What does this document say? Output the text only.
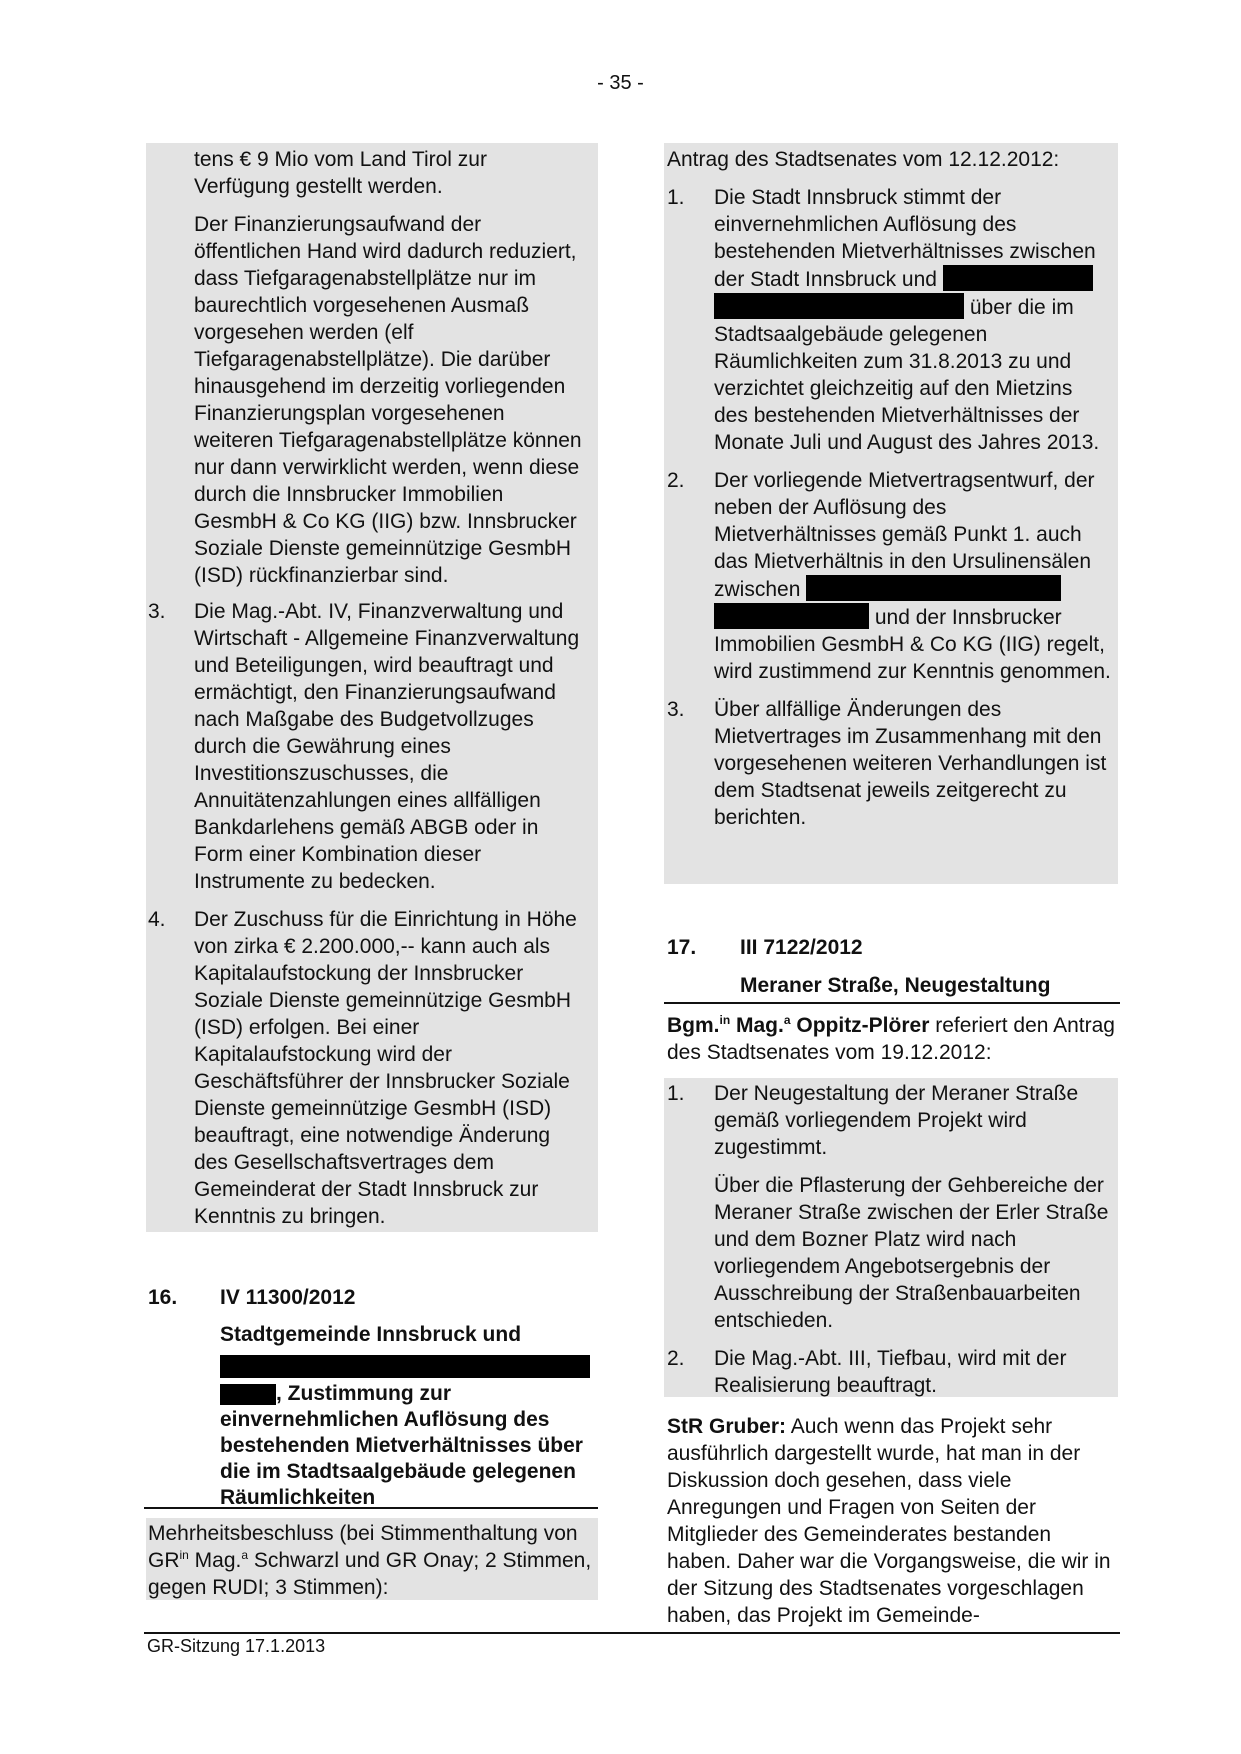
- 35 -

tens € 9 Mio vom Land Tirol zur Verfügung gestellt werden.

Der Finanzierungsaufwand der öffentlichen Hand wird dadurch reduziert, dass Tiefgaragenabstellplätze nur im baurechtlich vorgesehenen Ausmaß vorgesehen werden (elf Tiefgaragenabstellplätze). Die darüber hinausgehend im derzeitig vorliegenden Finanzierungsplan vorgesehenen weiteren Tiefgaragenabstellplätze können nur dann verwirklicht werden, wenn diese durch die Innsbrucker Immobilien GesmbH & Co KG (IIG) bzw. Innsbrucker Soziale Dienste gemeinnützige GesmbH (ISD) rückfinanzierbar sind.

3. Die Mag.-Abt. IV, Finanzverwaltung und Wirtschaft - Allgemeine Finanzverwaltung und Beteiligungen, wird beauftragt und ermächtigt, den Finanzierungsaufwand nach Maßgabe des Budgetvollzuges durch die Gewährung eines Investitionszuschusses, die Annuitätenzahlungen eines allfälligen Bankdarlehens gemäß ABGB oder in Form einer Kombination dieser Instrumente zu bedecken.
4. Der Zuschuss für die Einrichtung in Höhe von zirka € 2.200.000,-- kann auch als Kapitalaufstockung der Innsbrucker Soziale Dienste gemeinnützige GesmbH (ISD) erfolgen. Bei einer Kapitalaufstockung wird der Geschäftsführer der Innsbrucker Soziale Dienste gemeinnützige GesmbH (ISD) beauftragt, eine notwendige Änderung des Gesellschaftsvertrages dem Gemeinderat der Stadt Innsbruck zur Kenntnis zu bringen.
16. IV 11300/2012
Stadtgemeinde Innsbruck und
, Zustimmung zur einvernehmlichen Auflösung des bestehenden Mietverhältnisses über die im Stadtsaalgebäude gelegenen Räumlichkeiten
Mehrheitsbeschluss (bei Stimmenthaltung von $GR^{in}$ Mag.$^a$ Schwarzl und GR Onay; 2 Stimmen, gegen RUDI; 3 Stimmen):

Antrag des Stadtsenates vom 12.12.2012:

1. Die Stadt Innsbruck stimmt der einvernehmlichen Auflösung des bestehenden Mietverhältnisses zwischen der Stadt Innsbruck und   über die im Stadtsaalgebäude gelegenen Räumlichkeiten zum 31.8.2013 zu und verzichtet gleichzeitig auf den Mietzins des bestehenden Mietverhältnisses der Monate Juli und August des Jahres 2013.
2. Der vorliegende Mietvertragsentwurf, der neben der Auflösung des Mietverhältnisses gemäß Punkt 1. auch das Mietverhältnis in den Ursulinensälen zwischen   und der Innsbrucker Immobilien GesmbH & Co KG (IIG) regelt, wird zustimmend zur Kenntnis genommen.
3. Über allfällige Änderungen des Mietvertrages im Zusammenhang mit den vorgesehenen weiteren Verhandlungen ist dem Stadtsenat jeweils zeitgerecht zu berichten.
17. III 7122/2012
Meraner Straße, Neugestaltung
Bgm.$^{in}$ Mag.$^a$ Oppitz-Plörer referiert den Antrag des Stadtsenates vom 19.12.2012:
1. Der Neugestaltung der Meraner Straße gemäß vorliegendem Projekt wird zugestimmt.
Über die Pflasterung der Gehbereiche der Meraner Straße zwischen der Erler Straße und dem Bozner Platz wird nach vorliegendem Angebotsergebnis der Ausschreibung der Straßenbauarbeiten entschieden.
2. Die Mag.-Abt. III, Tiefbau, wird mit der Realisierung beauftragt.
StR Gruber: Auch wenn das Projekt sehr ausführlich dargestellt wurde, hat man in der Diskussion doch gesehen, dass viele Anregungen und Fragen von Seiten der Mitglieder des Gemeinderates bestanden haben. Daher war die Vorgangsweise, die wir in der Sitzung des Stadtsenates vorgeschlagen haben, das Projekt im Gemeinde-
GR-Sitzung 17.1.2013
